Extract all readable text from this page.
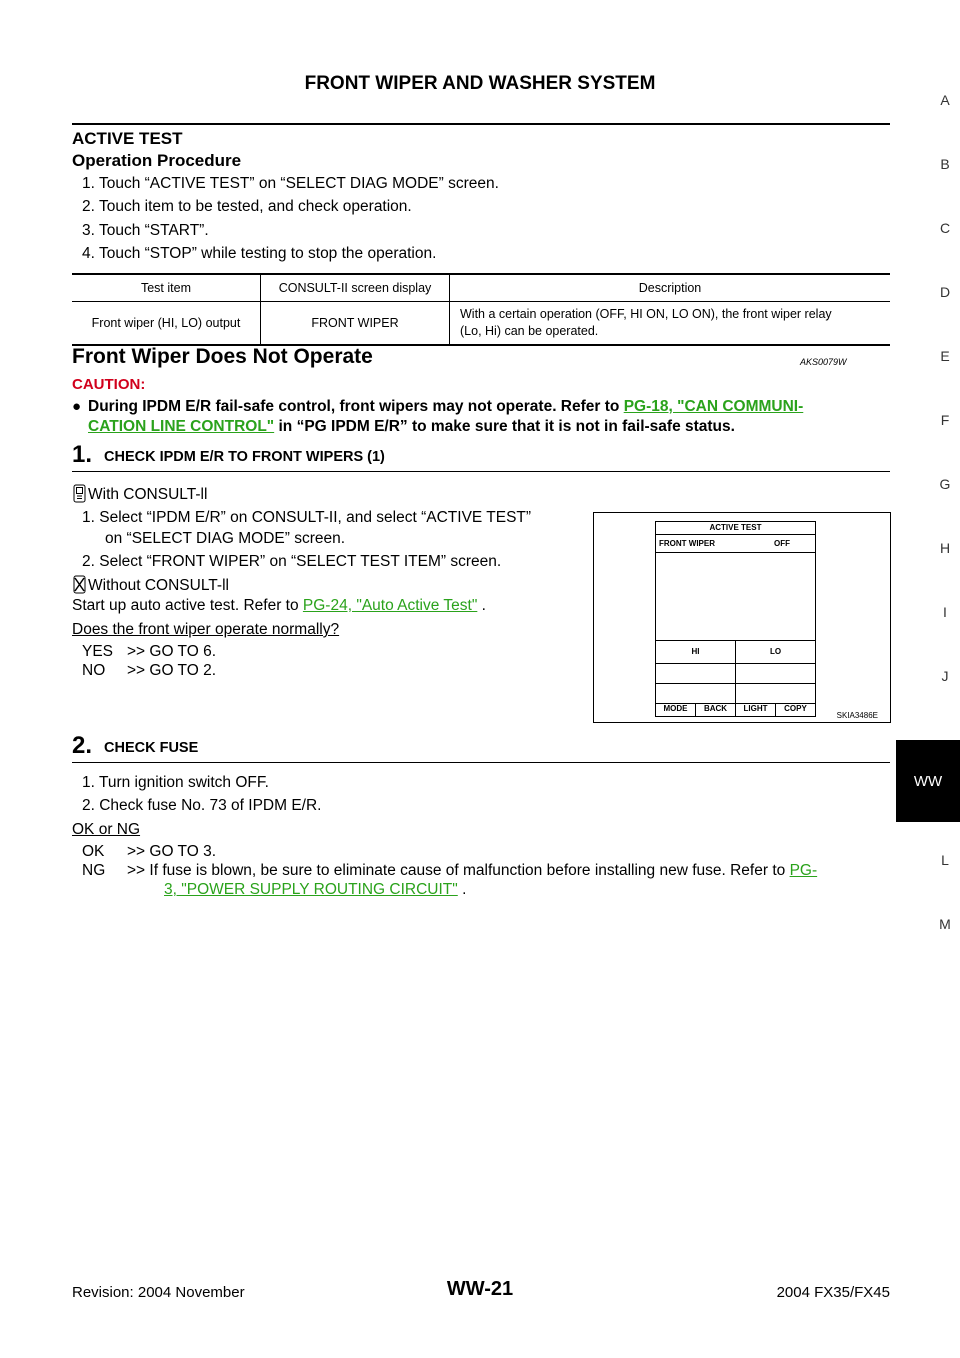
FRONT WIPER AND WASHER SYSTEM
ACTIVE TEST
Operation Procedure
1. Touch “ACTIVE TEST” on “SELECT DIAG MODE” screen.
2. Touch item to be tested, and check operation.
3. Touch “START”.
4. Touch “STOP” while testing to stop the operation.
Test item	CONSULT-II screen display	Description
Front wiper (HI, LO) output	FRONT WIPER	With a certain operation (OFF, HI ON, LO ON), the front wiper relay
(Lo, Hi) can be operated.
Front Wiper Does Not Operate	AKS0079W
CAUTION:
● During IPDM E/R fail-safe control, front wipers may not operate. Refer to PG-18, "CAN COMMUNI-
CATION LINE CONTROL" in “PG IPDM E/R” to make sure that it is not in fail-safe status.
1. CHECK IPDM E/R TO FRONT WIPERS (1)
With CONSULT-ll
1. Select “IPDM E/R” on CONSULT-II, and select “ACTIVE TEST”
on “SELECT DIAG MODE” screen.
2. Select “FRONT WIPER” on “SELECT TEST ITEM” screen.
Without CONSULT-ll
Start up auto active test. Refer to PG-24, "Auto Active Test" .
Does the front wiper operate normally?
YES >> GO TO 6.
NO >> GO TO 2.
ACTIVE TEST
FRONT WIPER	OFF
HI	LO
MODE	BACK	LIGHT	COPY
SKIA3486E
2. CHECK FUSE
1. Turn ignition switch OFF.
2. Check fuse No. 73 of IPDM E/R.
OK or NG
OK >> GO TO 3.
NG >> If fuse is blown, be sure to eliminate cause of malfunction before installing new fuse. Refer to PG-
3, "POWER SUPPLY ROUTING CIRCUIT" .
A
B
C
D
E
F
G
H
I
J
WW
L
M
Revision: 2004 November	WW-21	2004 FX35/FX45
